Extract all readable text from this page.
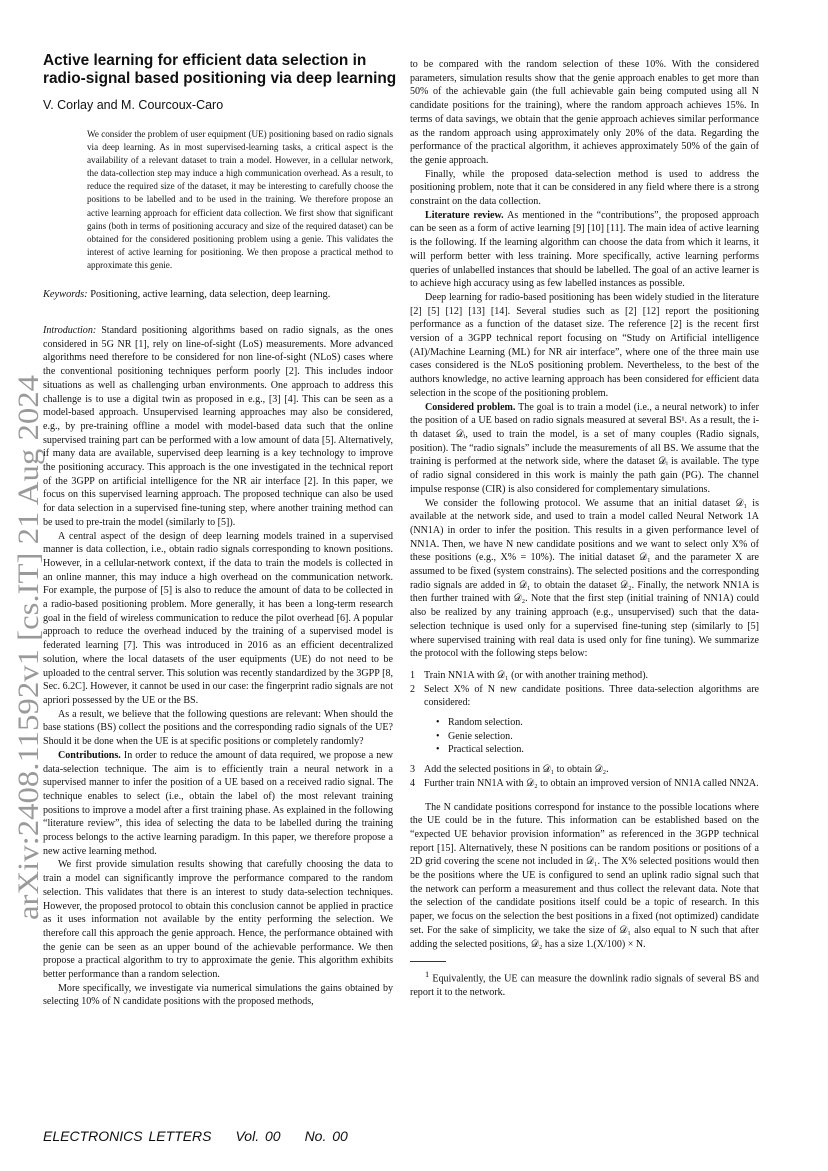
Active learning for efficient data selection in radio-signal based positioning via deep learning

V. Corlay and M. Courcoux-Caro

We consider the problem of user equipment (UE) positioning based on radio signals via deep learning. As in most supervised-learning tasks, a critical aspect is the availability of a relevant dataset to train a model. However, in a cellular network, the data-collection step may induce a high communication overhead. As a result, to reduce the required size of the dataset, it may be interesting to carefully choose the positions to be labelled and to be used in the training. We therefore propose an active learning approach for efficient data collection. We first show that significant gains (both in terms of positioning accuracy and size of the required dataset) can be obtained for the considered positioning problem using a genie. This validates the interest of active learning for positioning. We then propose a practical method to approximate this genie.

Keywords: Positioning, active learning, data selection, deep learning.

arXiv:2408.11592v1 [cs.IT] 21 Aug 2024

Introduction: Standard positioning algorithms based on radio signals, as the ones considered in 5G NR [1], rely on line-of-sight (LoS) measurements. More advanced algorithms need therefore to be considered for non line-of-sight (NLoS) cases where the conventional positioning techniques perform poorly [2]. This includes indoor situations as well as challenging urban environments. One approach to address this challenge is to use a digital twin as proposed in e.g., [3] [4]. This can be seen as a model-based approach. Unsupervised learning approaches may also be considered, e.g., by pre-training offline a model with model-based data such that the online supervised training part can be performed with a low amount of data [5]. Alternatively, if many data are available, supervised deep learning is a key technology to improve the positioning accuracy. This approach is the one investigated in the technical report of the 3GPP on artificial intelligence for the NR air interface [2]. In this paper, we focus on this supervised learning approach. The proposed technique can also be used for data selection in a supervised fine-tuning step, where another training method can be used to pre-train the model (similarly to [5]).

A central aspect of the design of deep learning models trained in a supervised manner is data collection, i.e., obtain radio signals corresponding to known positions. However, in a cellular-network context, if the data to train the models is collected in an online manner, this may induce a high overhead on the communication network. For example, the purpose of [5] is also to reduce the amount of data to be collected in a radio-based positioning problem. More generally, it has been a long-term research goal in the field of wireless communication to reduce the pilot overhead [6]. A popular approach to reduce the overhead induced by the training of a supervised model is federated learning [7]. This was introduced in 2016 as an efficient decentralized solution, where the local datasets of the user equipments (UE) do not need to be uploaded to the central server. This solution was recently standardized by the 3GPP [8, Sec. 6.2C]. However, it cannot be used in our case: the fingerprint radio signals are not apriori possessed by the UE or the BS.

As a result, we believe that the following questions are relevant: When should the base stations (BS) collect the positions and the corresponding radio signals of the UE? Should it be done when the UE is at specific positions or completely randomly?

Contributions. In order to reduce the amount of data required, we propose a new data-selection technique. The aim is to efficiently train a neural network in a supervised manner to infer the position of a UE based on a received radio signal. The technique enables to select (i.e., obtain the label of) the most relevant training positions to improve a model after a first training phase. As explained in the following “literature review”, this idea of selecting the data to be labelled during the training process belongs to the active learning paradigm. In this paper, we therefore propose a new active learning method.

We first provide simulation results showing that carefully choosing the data to train a model can significantly improve the performance compared to the random selection. This validates that there is an interest to study data-selection techniques. However, the proposed protocol to obtain this conclusion cannot be applied in practice as it uses information not available by the entity performing the selection. We therefore call this approach the genie approach. Hence, the performance obtained with the genie can be seen as an upper bound of the achievable performance. We then propose a practical algorithm to try to approximate the genie. This algorithm exhibits better performance than a random selection.

More specifically, we investigate via numerical simulations the gains obtained by selecting 10% of N candidate positions with the proposed methods,

to be compared with the random selection of these 10%. With the considered parameters, simulation results show that the genie approach enables to get more than 50% of the achievable gain (the full achievable gain being computed using all N candidate positions for the training), where the random approach achieves 15%. In terms of data savings, we obtain that the genie approach achieves similar performance as the random approach using approximately only 20% of the data. Regarding the performance of the practical algorithm, it achieves approximately 50% of the gain of the genie approach.

Finally, while the proposed data-selection method is used to address the positioning problem, note that it can be considered in any field where there is a strong constraint on the data collection.

Literature review. As mentioned in the “contributions”, the proposed approach can be seen as a form of active learning [9] [10] [11]. The main idea of active learning is the following. If the learning algorithm can choose the data from which it learns, it will perform better with less training. More specifically, active learning performs queries of unlabelled instances that should be labelled. The goal of an active learner is to achieve high accuracy using as few labelled instances as possible.

Deep learning for radio-based positioning has been widely studied in the literature [2] [5] [12] [13] [14]. Several studies such as [2] [12] report the positioning performance as a function of the dataset size. The reference [2] is the recent first version of a 3GPP technical report focusing on “Study on Artificial intelligence (AI)/Machine Learning (ML) for NR air interface”, where one of the three main use cases considered is the NLoS positioning problem. Nevertheless, to the best of the authors knowledge, no active learning approach has been considered for efficient data selection in the scope of the positioning problem.

Considered problem. The goal is to train a model (i.e., a neural network) to infer the position of a UE based on radio signals measured at several BS¹. As a result, the i-th dataset 𝒟ᵢ, used to train the model, is a set of many couples (Radio signals, position). The “radio signals” include the measurements of all BS. We assume that the training is performed at the network side, where the dataset 𝒟ᵢ is available. The type of radio signal considered in this work is mainly the path gain (PG). The channel impulse response (CIR) is also considered for complementary simulations.

We consider the following protocol. We assume that an initial dataset 𝒟₁ is available at the network side, and used to train a model called Neural Network 1A (NN1A) in order to infer the position. This results in a given performance level of NN1A. Then, we have N new candidate positions and we want to select only X% of these positions (e.g., X% = 10%). The initial dataset 𝒟₁ and the parameter X are assumed to be fixed (system constrains). The selected positions and the corresponding radio signals are added in 𝒟₁ to obtain the dataset 𝒟₂. Finally, the network NN1A is then further trained with 𝒟₂. Note that the first step (initial training of NN1A) could also be realized by any training approach (e.g., unsupervised) such that the data-selection technique is used only for a supervised fine-tuning step (similarly to [5] where supervised training with real data is used only for fine tuning). We summarize the protocol with the following steps below:

1 Train NN1A with 𝒟₁ (or with another training method).
2 Select X% of N new candidate positions. Three data-selection algorithms are considered:
• Random selection.
• Genie selection.
• Practical selection.
3 Add the selected positions in 𝒟₁ to obtain 𝒟₂.
4 Further train NN1A with 𝒟₂ to obtain an improved version of NN1A called NN2A.

The N candidate positions correspond for instance to the possible locations where the UE could be in the future. This information can be established based on the “expected UE behavior provision information” as referenced in the 3GPP technical report [15]. Alternatively, these N positions can be random positions or positions of a 2D grid covering the scene not included in 𝒟₁. The X% selected positions would then be the positions where the UE is configured to send an uplink radio signal such that the network can perform a measurement and thus collect the relevant data. Note that the selection of the candidate positions itself could be a topic of research. In this paper, we focus on the selection the best positions in a fixed (not optimized) candidate set. For the sake of simplicity, we take the size of 𝒟₁ also equal to N such that after adding the selected positions, 𝒟₂ has a size 1.(X/100) × N.

$^1$ Equivalently, the UE can measure the downlink radio signals of several BS and report it to the network.

ELECTRONICS LETTERS Vol. 00 No. 00
